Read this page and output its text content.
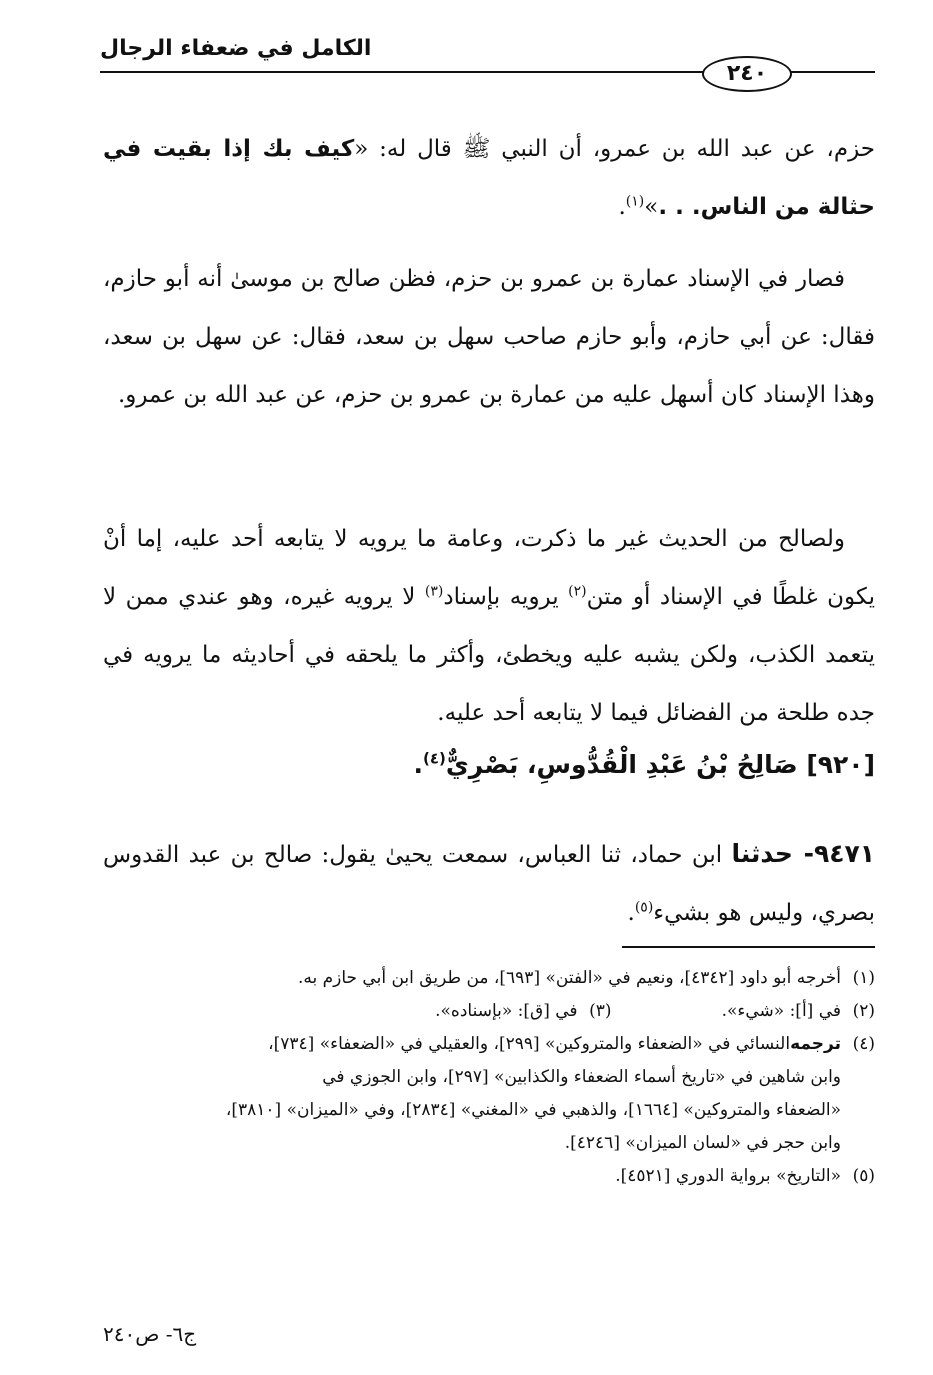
الكامل في ضعفاء الرجال
٢٤٠
حزم، عن عبد الله بن عمرو، أن النبي ﷺ قال له: «كيف بك إذا بقيت في حثالة من الناس. . .»$^{(١)}$.
فصار في الإسناد عمارة بن عمرو بن حزم، فظن صالح بن موسىٰ أنه أبو حازم، فقال: عن أبي حازم، وأبو حازم صاحب سهل بن سعد، فقال: عن سهل بن سعد، وهذا الإسناد كان أسهل عليه من عمارة بن عمرو بن حزم، عن عبد الله بن عمرو.
ولصالح من الحديث غير ما ذكرت، وعامة ما يرويه لا يتابعه أحد عليه، إما أنْ يكون غلطًا في الإسناد أو متن$^{(٢)}$ يرويه بإسناد$^{(٣)}$ لا يرويه غيره، وهو عندي ممن لا يتعمد الكذب، ولكن يشبه عليه ويخطئ، وأكثر ما يلحقه في أحاديثه ما يرويه في جده طلحة من الفضائل فيما لا يتابعه أحد عليه.
[٩٢٠] صَالِحُ بْنُ عَبْدِ الْقُدُّوسِ، بَصْرِيٌّ$^{(٤)}$.
٩٤٧١- حدثنا ابن حماد، ثنا العباس، سمعت يحيىٰ يقول: صالح بن عبد القدوس بصري، وليس هو بشيء$^{(٥)}$.
(١)
أخرجه أبو داود [٤٣٤٢]، ونعيم في «الفتن» [٦٩٣]، من طريق ابن أبي حازم به.
(٢)
في [أ]: «شيء».
(٣)
في [ق]: «بإسناده».
(٤)
ترجمه
النسائي في «الضعفاء والمتروكين» [٢٩٩]، والعقيلي في «الضعفاء» [٧٣٤]،
وابن شاهين في «تاريخ أسماء الضعفاء والكذابين» [٢٩٧]، وابن الجوزي في
«الضعفاء والمتروكين» [١٦٦٤]، والذهبي في «المغني» [٢٨٣٤]، وفي «الميزان» [٣٨١٠]،
وابن حجر في «لسان الميزان» [٤٢٤٦].
(٥)
«التاريخ» برواية الدوري [٤٥٢١].
ج٦- ص٢٤٠
